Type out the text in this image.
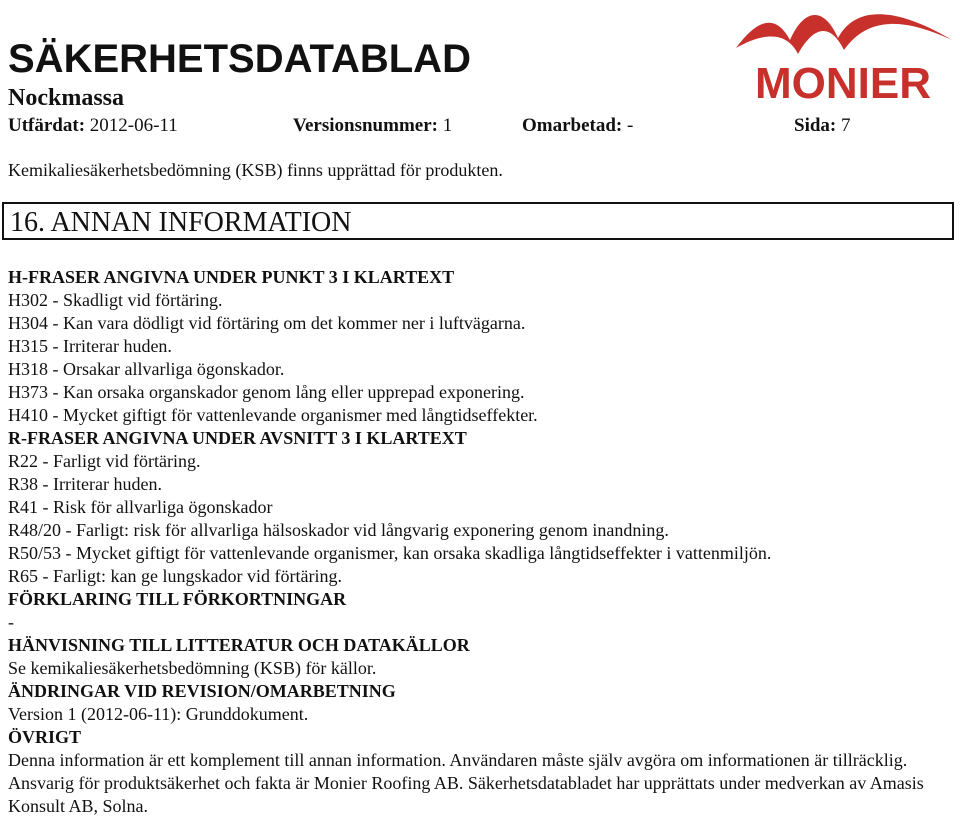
SÄKERHETSDATABLAD
Nockmassa
Utfärdat: 2012-06-11	Versionsnummer: 1	Omarbetad: -	Sida: 7
MONIER
Kemikaliesäkerhetsbedömning (KSB) finns upprättad för produkten.
16. ANNAN INFORMATION
H-FRASER ANGIVNA UNDER PUNKT 3 I KLARTEXT
H302 - Skadligt vid förtäring.
H304 - Kan vara dödligt vid förtäring om det kommer ner i luftvägarna.
H315 - Irriterar huden.
H318 - Orsakar allvarliga ögonskador.
H373 - Kan orsaka organskador genom lång eller upprepad exponering.
H410 - Mycket giftigt för vattenlevande organismer med långtidseffekter.
R-FRASER ANGIVNA UNDER AVSNITT 3 I KLARTEXT
R22 - Farligt vid förtäring.
R38 - Irriterar huden.
R41 - Risk för allvarliga ögonskador
R48/20 - Farligt: risk för allvarliga hälsoskador vid långvarig exponering genom inandning.
R50/53 - Mycket giftigt för vattenlevande organismer, kan orsaka skadliga långtidseffekter i vattenmiljön.
R65 - Farligt: kan ge lungskador vid förtäring.
FÖRKLARING TILL FÖRKORTNINGAR
-
HÄNVISNING TILL LITTERATUR OCH DATAKÄLLOR
Se kemikaliesäkerhetsbedömning (KSB) för källor.
ÄNDRINGAR VID REVISION/OMARBETNING
Version 1 (2012-06-11): Grunddokument.
ÖVRIGT
Denna information är ett komplement till annan information. Användaren måste själv avgöra om informationen är tillräcklig. Ansvarig för produktsäkerhet och fakta är Monier Roofing AB. Säkerhetsdatabladet har upprättats under medverkan av Amasis Konsult AB, Solna.
